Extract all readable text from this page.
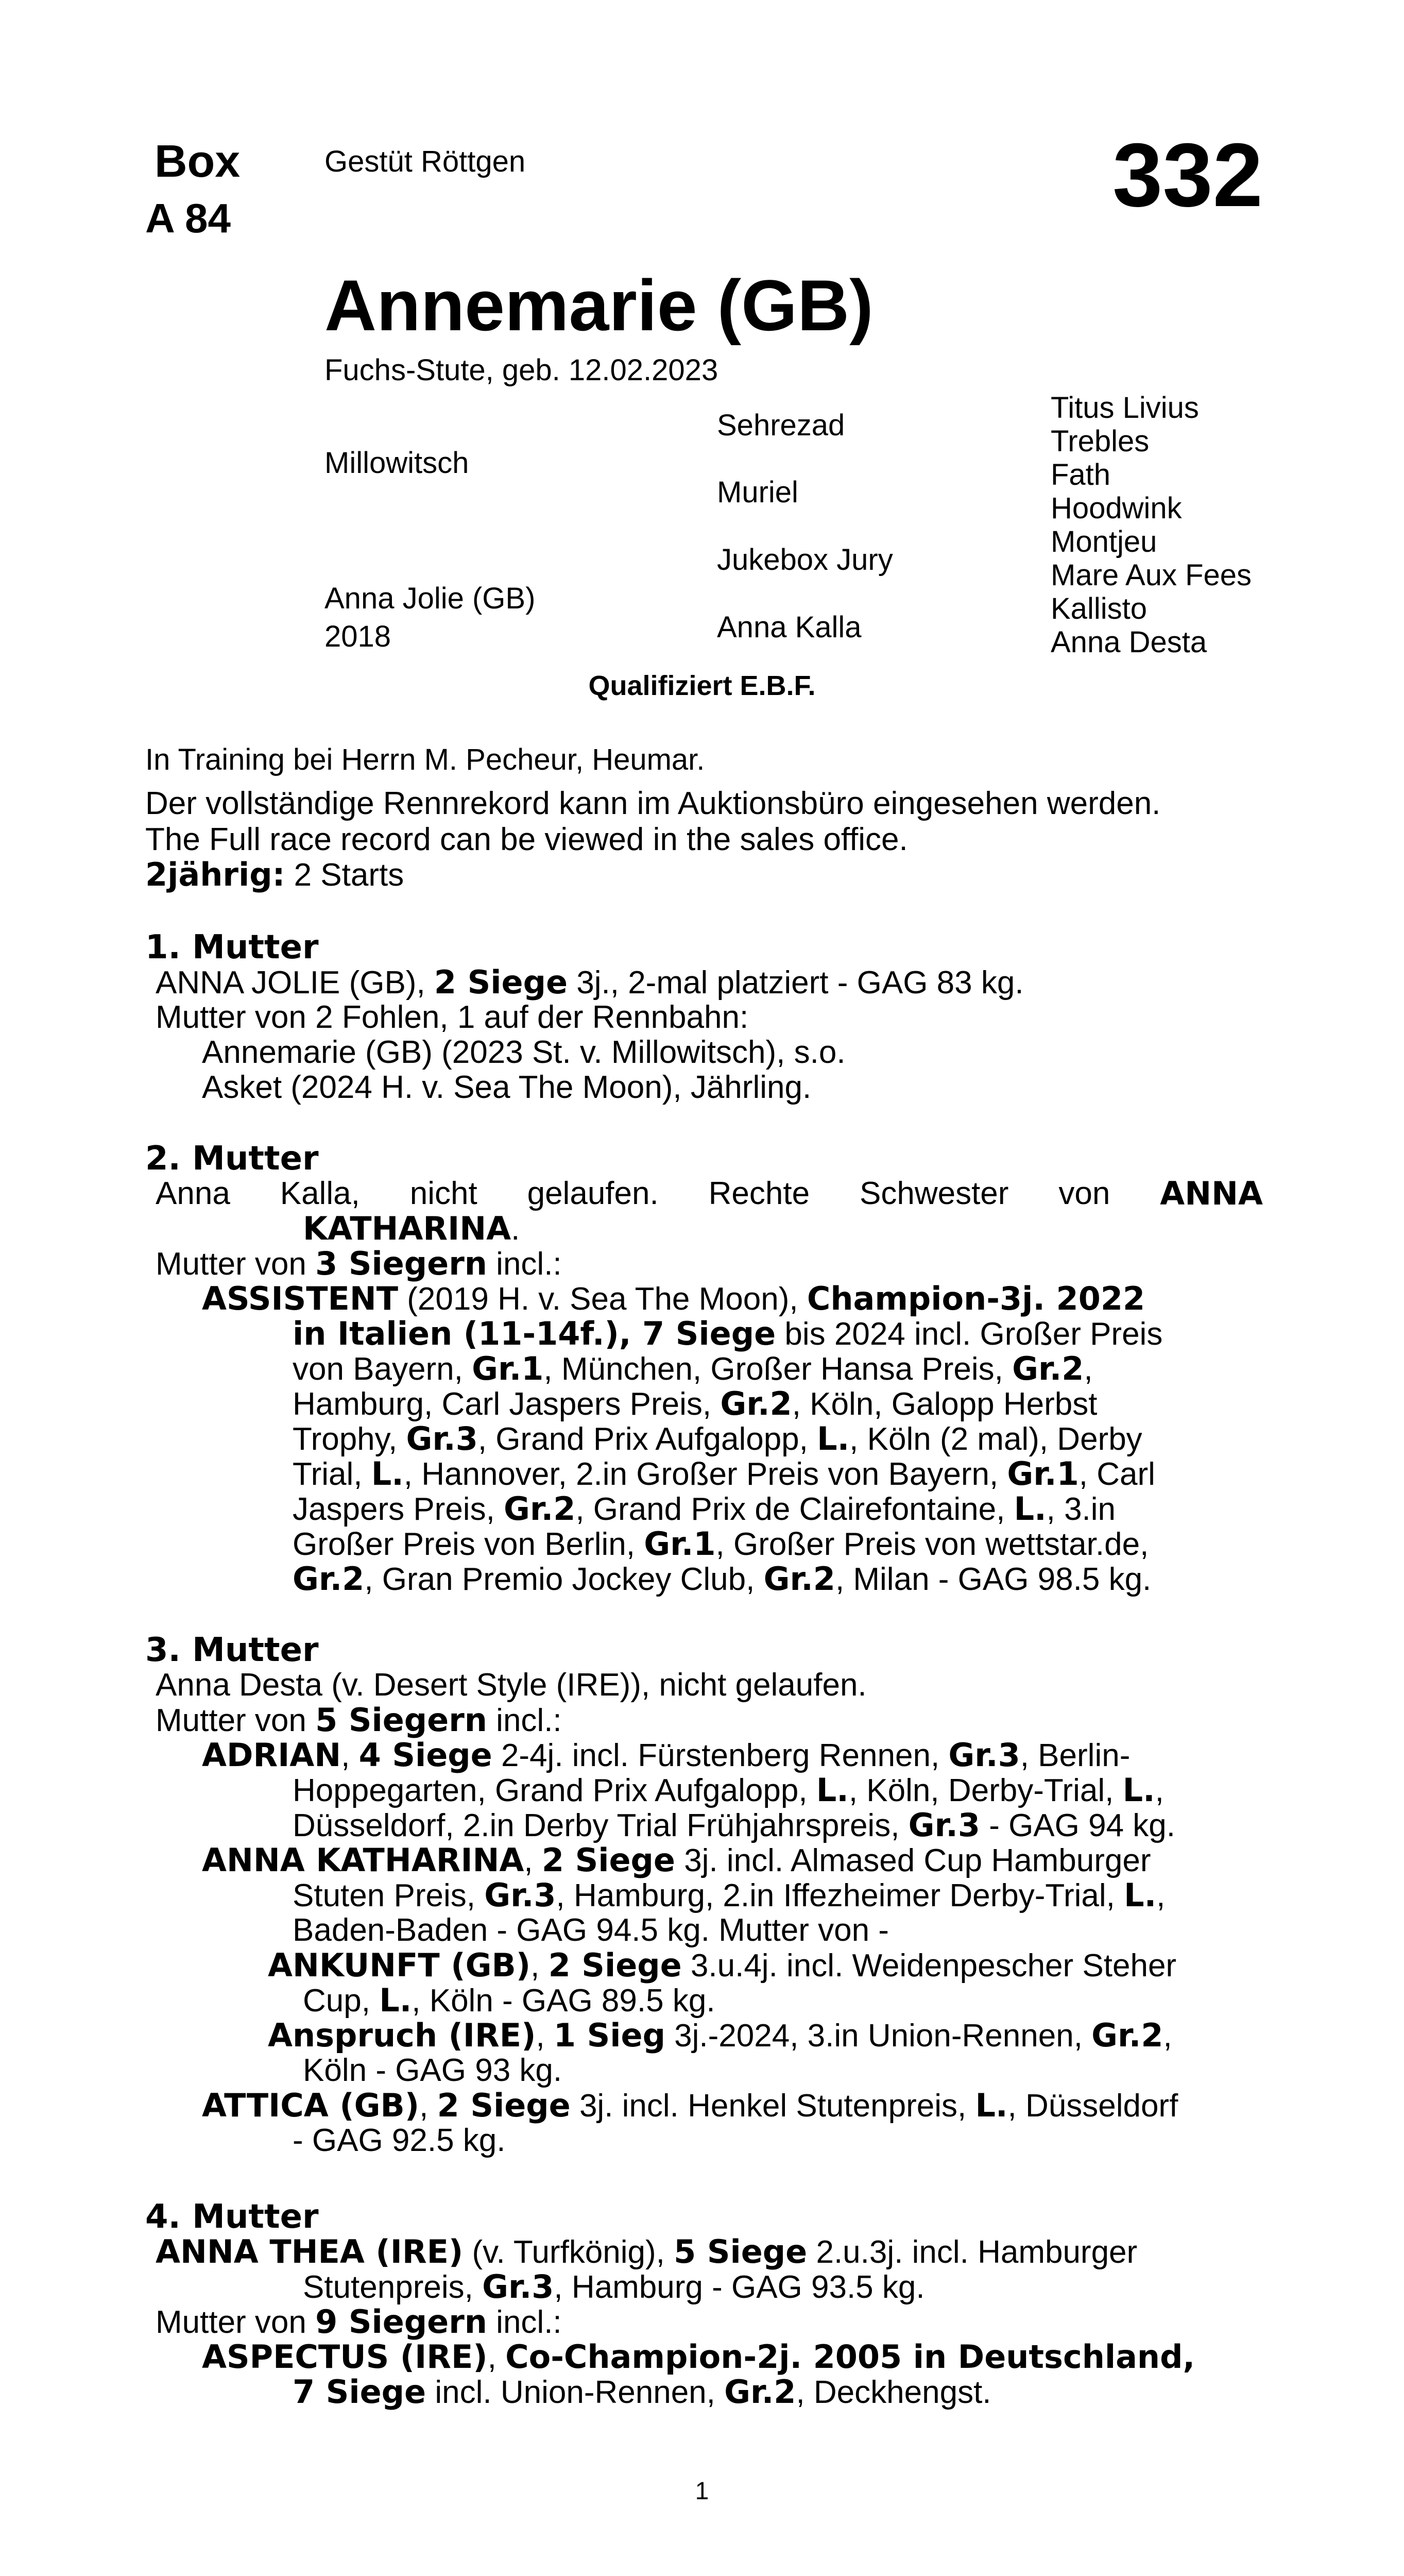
Box
A 84
Gestüt Röttgen	332
Annemarie (GB)
Fuchs-Stute, geb. 12.02.2023
Millowitsch
Anna Jolie (GB)
2018
Sehrezad
Muriel
Jukebox Jury
Anna Kalla
Titus Livius
Trebles
Fath
Hoodwink
Montjeu
Mare Aux Fees
Kallisto
Anna Desta
Qualifiziert E.B.F.
In Training bei Herrn M. Pecheur, Heumar.
Der vollständige Rennrekord kann im Auktionsbüro eingesehen werden.
The Full race record can be viewed in the sales office.
2jährig: 2 Starts
1. Mutter
ANNA JOLIE (GB), 2 Siege 3j., 2-mal platziert - GAG 83 kg.
Mutter von 2 Fohlen, 1 auf der Rennbahn:
Annemarie (GB) (2023 St. v. Millowitsch), s.o.
Asket (2024 H. v. Sea The Moon), Jährling.
2. Mutter
Anna Kalla, nicht gelaufen. Rechte Schwester von ANNA
KATHARINA.
Mutter von 3 Siegern incl.:
ASSISTENT (2019 H. v. Sea The Moon), Champion-3j. 2022
in Italien (11-14f.), 7 Siege bis 2024 incl. Großer Preis
von Bayern, Gr.1, München, Großer Hansa Preis, Gr.2,
Hamburg, Carl Jaspers Preis, Gr.2, Köln, Galopp Herbst
Trophy, Gr.3, Grand Prix Aufgalopp, L., Köln (2 mal), Derby
Trial, L., Hannover, 2.in Großer Preis von Bayern, Gr.1, Carl
Jaspers Preis, Gr.2, Grand Prix de Clairefontaine, L., 3.in
Großer Preis von Berlin, Gr.1, Großer Preis von wettstar.de,
Gr.2, Gran Premio Jockey Club, Gr.2, Milan - GAG 98.5 kg.
3. Mutter
Anna Desta (v. Desert Style (IRE)), nicht gelaufen.
Mutter von 5 Siegern incl.:
ADRIAN, 4 Siege 2-4j. incl. Fürstenberg Rennen, Gr.3, Berlin-
Hoppegarten, Grand Prix Aufgalopp, L., Köln, Derby-Trial, L.,
Düsseldorf, 2.in Derby Trial Frühjahrspreis, Gr.3 - GAG 94 kg.
ANNA KATHARINA, 2 Siege 3j. incl. Almased Cup Hamburger
Stuten Preis, Gr.3, Hamburg, 2.in Iffezheimer Derby-Trial, L.,
Baden-Baden - GAG 94.5 kg. Mutter von -
ANKUNFT (GB), 2 Siege 3.u.4j. incl. Weidenpescher Steher
Cup, L., Köln - GAG 89.5 kg.
Anspruch (IRE), 1 Sieg 3j.-2024, 3.in Union-Rennen, Gr.2,
Köln - GAG 93 kg.
ATTICA (GB), 2 Siege 3j. incl. Henkel Stutenpreis, L., Düsseldorf
- GAG 92.5 kg.
4. Mutter
ANNA THEA (IRE) (v. Turfkönig), 5 Siege 2.u.3j. incl. Hamburger
Stutenpreis, Gr.3, Hamburg - GAG 93.5 kg.
Mutter von 9 Siegern incl.:
ASPECTUS (IRE), Co-Champion-2j. 2005 in Deutschland,
7 Siege incl. Union-Rennen, Gr.2, Deckhengst.
1
